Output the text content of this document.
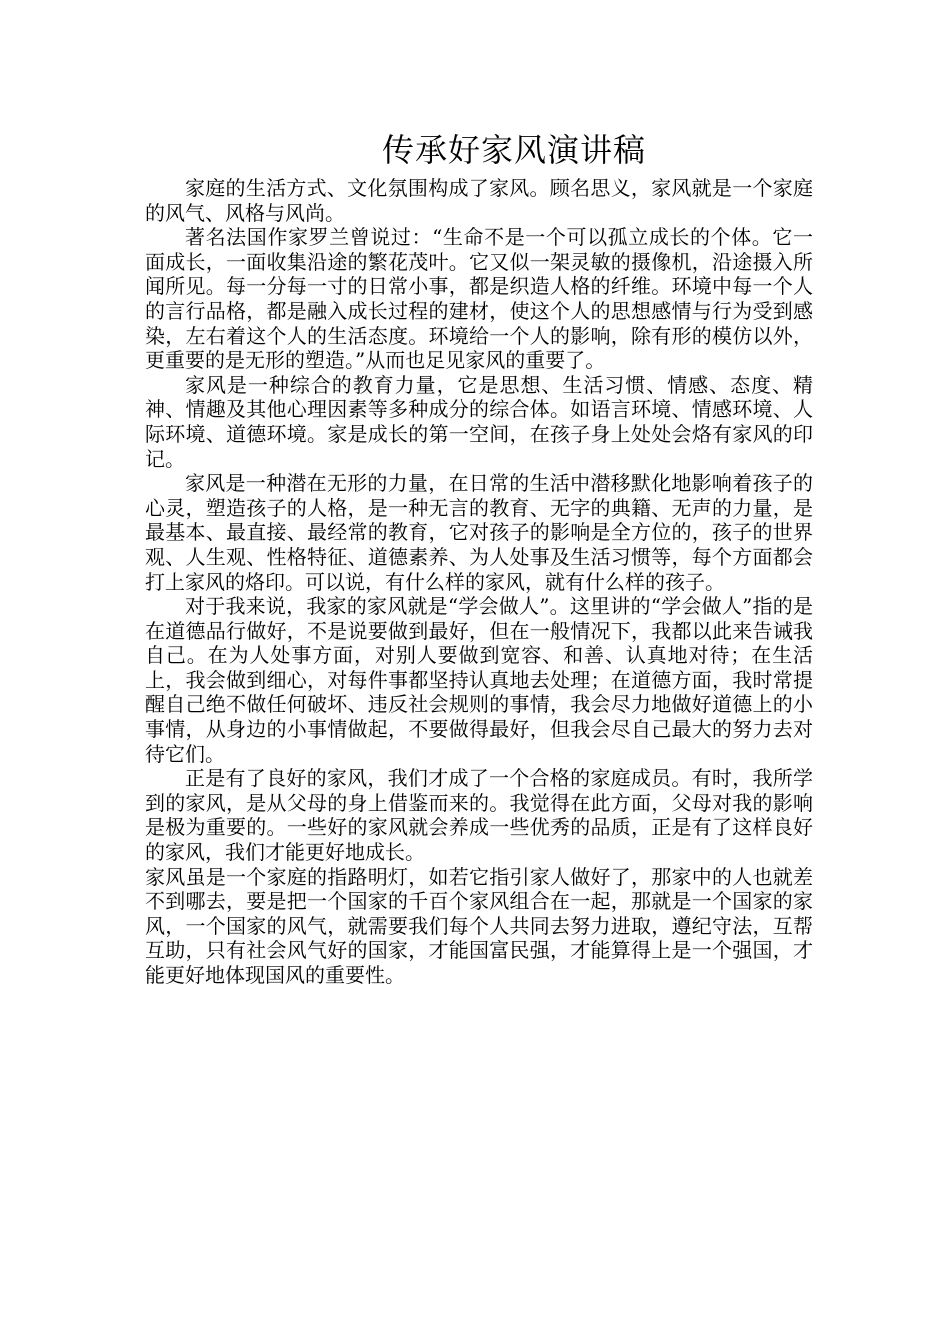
传承好家风演讲稿

家庭的生活方式、文化氛围构成了家风。顾名思义，家风就是一个家庭的风气、风格与风尚。

著名法国作家罗兰曾说过：“生命不是一个可以孤立成长的个体。它一面成长，一面收集沿途的繁花茂叶。它又似一架灵敏的摄像机，沿途摄入所闻所见。每一分每一寸的日常小事，都是织造人格的纤维。环境中每一个人的言行品格，都是融入成长过程的建材，使这个人的思想感情与行为受到感染，左右着这个人的生活态度。环境给一个人的影响，除有形的模仿以外，更重要的是无形的塑造。”从而也足见家风的重要了。

家风是一种综合的教育力量，它是思想、生活习惯、情感、态度、精神、情趣及其他心理因素等多种成分的综合体。如语言环境、情感环境、人际环境、道德环境。家是成长的第一空间，在孩子身上处处会烙有家风的印记。

家风是一种潜在无形的力量，在日常的生活中潜移默化地影响着孩子的心灵，塑造孩子的人格，是一种无言的教育、无字的典籍、无声的力量，是最基本、最直接、最经常的教育，它对孩子的影响是全方位的，孩子的世界观、人生观、性格特征、道德素养、为人处事及生活习惯等，每个方面都会打上家风的烙印。可以说，有什么样的家风，就有什么样的孩子。

对于我来说，我家的家风就是“学会做人”。这里讲的“学会做人”指的是在道德品行做好，不是说要做到最好，但在一般情况下，我都以此来告诫我自己。在为人处事方面，对别人要做到宽容、和善、认真地对待；在生活上，我会做到细心，对每件事都坚持认真地去处理；在道德方面，我时常提醒自己绝不做任何破坏、违反社会规则的事情，我会尽力地做好道德上的小事情，从身边的小事情做起，不要做得最好，但我会尽自己最大的努力去对待它们。

正是有了良好的家风，我们才成了一个合格的家庭成员。有时，我所学到的家风，是从父母的身上借鉴而来的。我觉得在此方面，父母对我的影响是极为重要的。一些好的家风就会养成一些优秀的品质，正是有了这样良好的家风，我们才能更好地成长。

家风虽是一个家庭的指路明灯，如若它指引家人做好了，那家中的人也就差不到哪去，要是把一个国家的千百个家风组合在一起，那就是一个国家的家风，一个国家的风气，就需要我们每个人共同去努力进取，遵纪守法，互帮互助，只有社会风气好的国家，才能国富民强，才能算得上是一个强国，才能更好地体现国风的重要性。
